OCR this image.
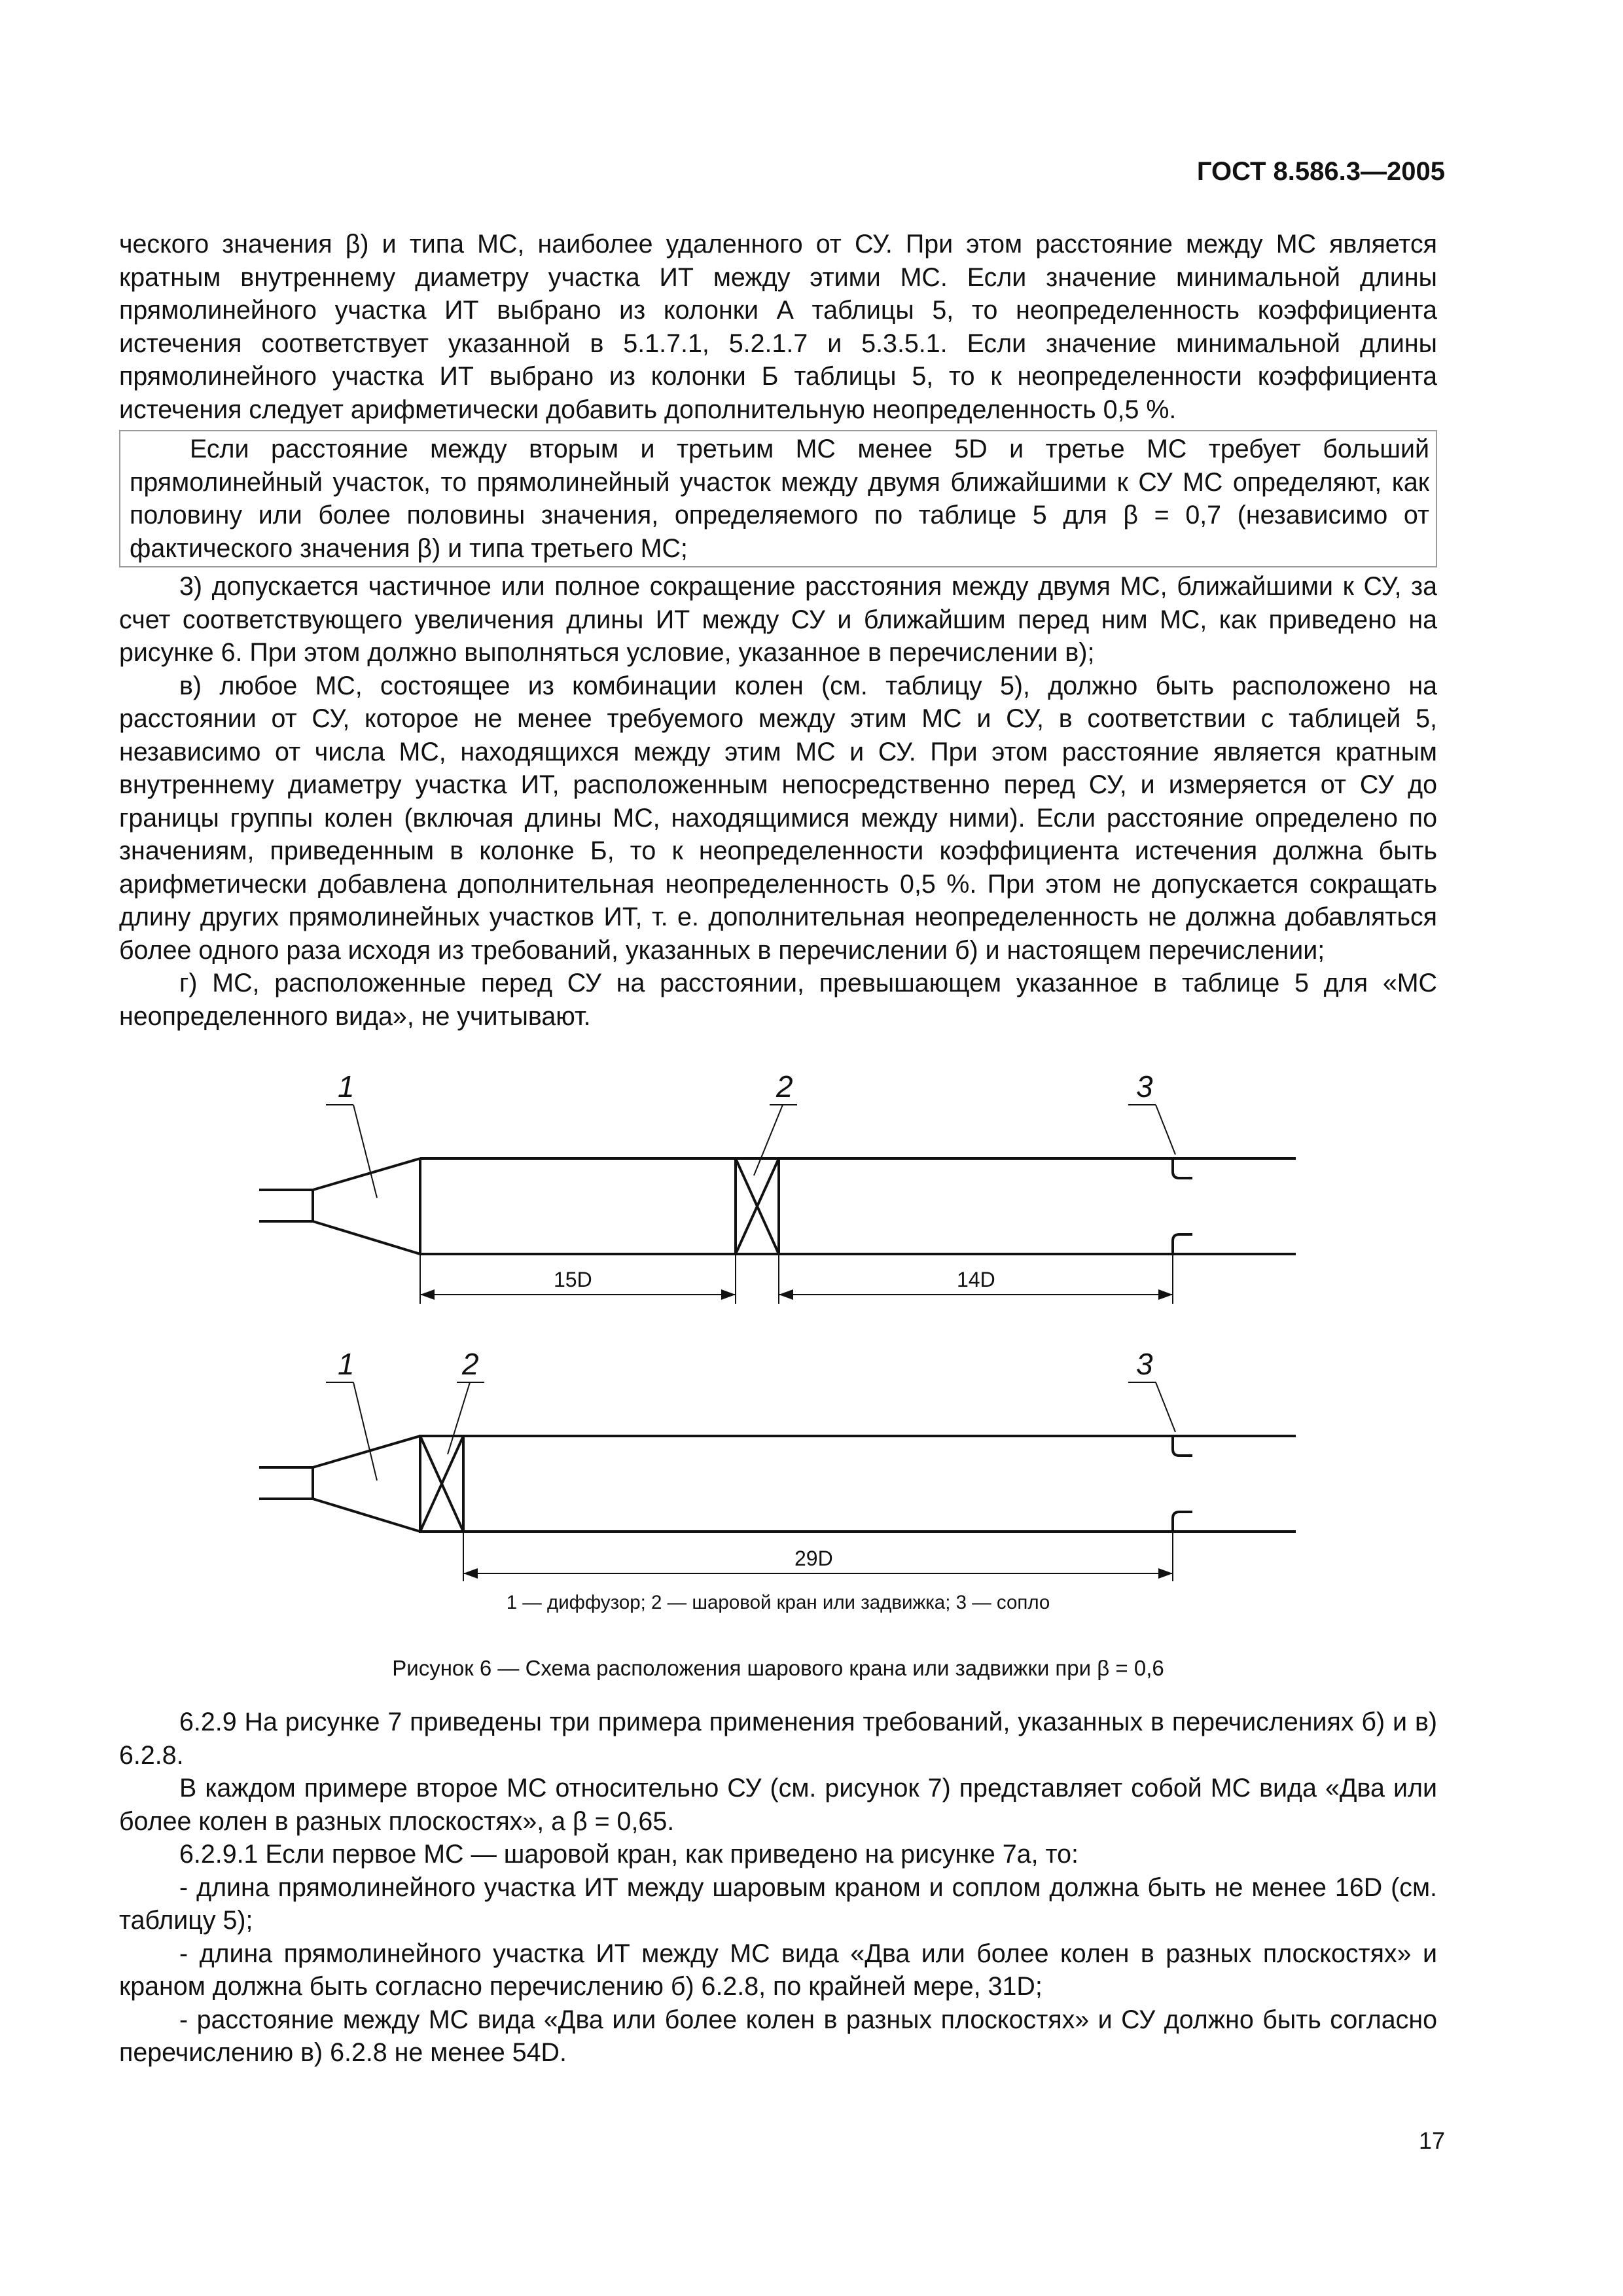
ГОСТ 8.586.3—2005

ческого значения β) и типа МС, наиболее удаленного от СУ. При этом расстояние между МС является кратным внутреннему диаметру участка ИТ между этими МС. Если значение минимальной длины прямолинейного участка ИТ выбрано из колонки А таблицы 5, то неопределенность коэффициента истечения соответствует указанной в 5.1.7.1, 5.2.1.7 и 5.3.5.1. Если значение минимальной длины прямолинейного участка ИТ выбрано из колонки Б таблицы 5, то к неопределенности коэффициента истечения следует арифметически добавить дополнительную неопределенность 0,5 %.

Если расстояние между вторым и третьим МС менее 5D и третье МС требует больший прямолинейный участок, то прямолинейный участок между двумя ближайшими к СУ МС определяют, как половину или более половины значения, определяемого по таблице 5 для β = 0,7 (независимо от фактического значения β) и типа третьего МС;

3) допускается частичное или полное сокращение расстояния между двумя МС, ближайшими к СУ, за счет соответствующего увеличения длины ИТ между СУ и ближайшим перед ним МС, как приведено на рисунке 6. При этом должно выполняться условие, указанное в перечислении в);

в) любое МС, состоящее из комбинации колен (см. таблицу 5), должно быть расположено на расстоянии от СУ, которое не менее требуемого между этим МС и СУ, в соответствии с таблицей 5, независимо от числа МС, находящихся между этим МС и СУ. При этом расстояние является кратным внутреннему диаметру участка ИТ, расположенным непосредственно перед СУ, и измеряется от СУ до границы группы колен (включая длины МС, находящимися между ними). Если расстояние определено по значениям, приведенным в колонке Б, то к неопределенности коэффициента истечения должна быть арифметически добавлена дополнительная неопределенность 0,5 %. При этом не допускается сокращать длину других прямолинейных участков ИТ, т. е. дополнительная неопределенность не должна добавляться более одного раза исходя из требований, указанных в перечислении б) и настоящем перечислении;

г) МС, расположенные перед СУ на расстоянии, превышающем указанное в таблице 5 для «МС неопределенного вида», не учитывают.

1	2	3
15D	14D
1	2	3
29D
1 — диффузор; 2 — шаровой кран или задвижка; 3 — сопло
Рисунок 6 — Схема расположения шарового крана или задвижки при β = 0,6

6.2.9 На рисунке 7 приведены три примера применения требований, указанных в перечислениях б) и в) 6.2.8.

В каждом примере второе МС относительно СУ (см. рисунок 7) представляет собой МС вида «Два или более колен в разных плоскостях», а β = 0,65.

6.2.9.1 Если первое МС — шаровой кран, как приведено на рисунке 7а, то:

- длина прямолинейного участка ИТ между шаровым краном и соплом должна быть не менее 16D (см. таблицу 5);

- длина прямолинейного участка ИТ между МС вида «Два или более колен в разных плоскостях» и краном должна быть согласно перечислению б) 6.2.8, по крайней мере, 31D;

- расстояние между МС вида «Два или более колен в разных плоскостях» и СУ должно быть согласно перечислению в) 6.2.8 не менее 54D.

17
